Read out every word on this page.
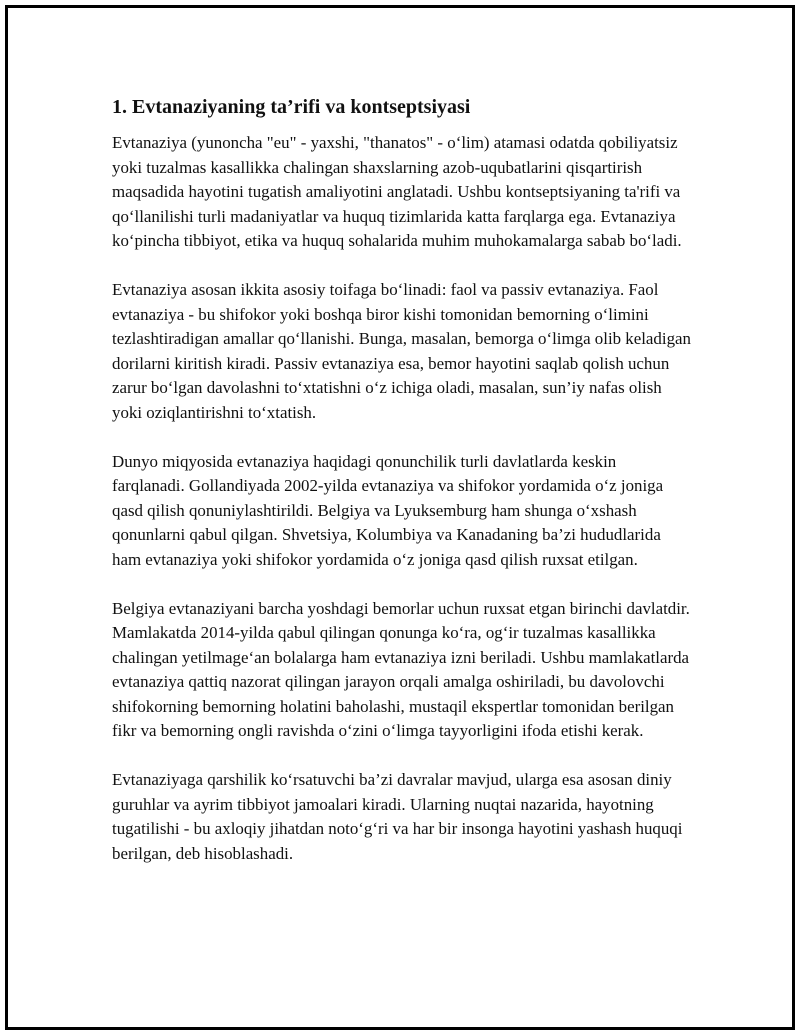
1. Evtanaziyaning ta’rifi va kontseptsiyasi

Evtanaziya (yunoncha "eu" - yaxshi, "thanatos" - o‘lim) atamasi odatda qobiliyatsiz yoki tuzalmas kasallikka chalingan shaxslarning azob-uqubatlarini qisqartirish maqsadida hayotini tugatish amaliyotini anglatadi. Ushbu kontseptsiyaning ta'rifi va qo‘llanilishi turli madaniyatlar va huquq tizimlarida katta farqlarga ega. Evtanaziya ko‘pincha tibbiyot, etika va huquq sohalarida muhim muhokamalarga sabab bo‘ladi.

Evtanaziya asosan ikkita asosiy toifaga bo‘linadi: faol va passiv evtanaziya. Faol evtanaziya - bu shifokor yoki boshqa biror kishi tomonidan bemorning o‘limini tezlashtiradigan amallar qo‘llanishi. Bunga, masalan, bemorga o‘limga olib keladigan dorilarni kiritish kiradi. Passiv evtanaziya esa, bemor hayotini saqlab qolish uchun zarur bo‘lgan davolashni to‘xtatishni o‘z ichiga oladi, masalan, sun’iy nafas olish yoki oziqlantirishni to‘xtatish.

Dunyo miqyosida evtanaziya haqidagi qonunchilik turli davlatlarda keskin farqlanadi. Gollandiyada 2002-yilda evtanaziya va shifokor yordamida o‘z joniga qasd qilish qonuniylashtirildi. Belgiya va Lyuksemburg ham shunga o‘xshash qonunlarni qabul qilgan. Shvetsiya, Kolumbiya va Kanadaning ba’zi hududlarida ham evtanaziya yoki shifokor yordamida o‘z joniga qasd qilish ruxsat etilgan.

Belgiya evtanaziyani barcha yoshdagi bemorlar uchun ruxsat etgan birinchi davlatdir. Mamlakatda 2014-yilda qabul qilingan qonunga ko‘ra, og‘ir tuzalmas kasallikka chalingan yetilmage‘an bolalarga ham evtanaziya izni beriladi. Ushbu mamlakatlarda evtanaziya qattiq nazorat qilingan jarayon orqali amalga oshiriladi, bu davolovchi shifokorning bemorning holatini baholashi, mustaqil ekspertlar tomonidan berilgan fikr va bemorning ongli ravishda o‘zini o‘limga tayyorligini ifoda etishi kerak.

Evtanaziyaga qarshilik ko‘rsatuvchi ba’zi davralar mavjud, ularga esa asosan diniy guruhlar va ayrim tibbiyot jamoalari kiradi. Ularning nuqtai nazarida, hayotning tugatilishi - bu axloqiy jihatdan noto‘g‘ri va har bir insonga hayotini yashash huquqi berilgan, deb hisoblashadi.
